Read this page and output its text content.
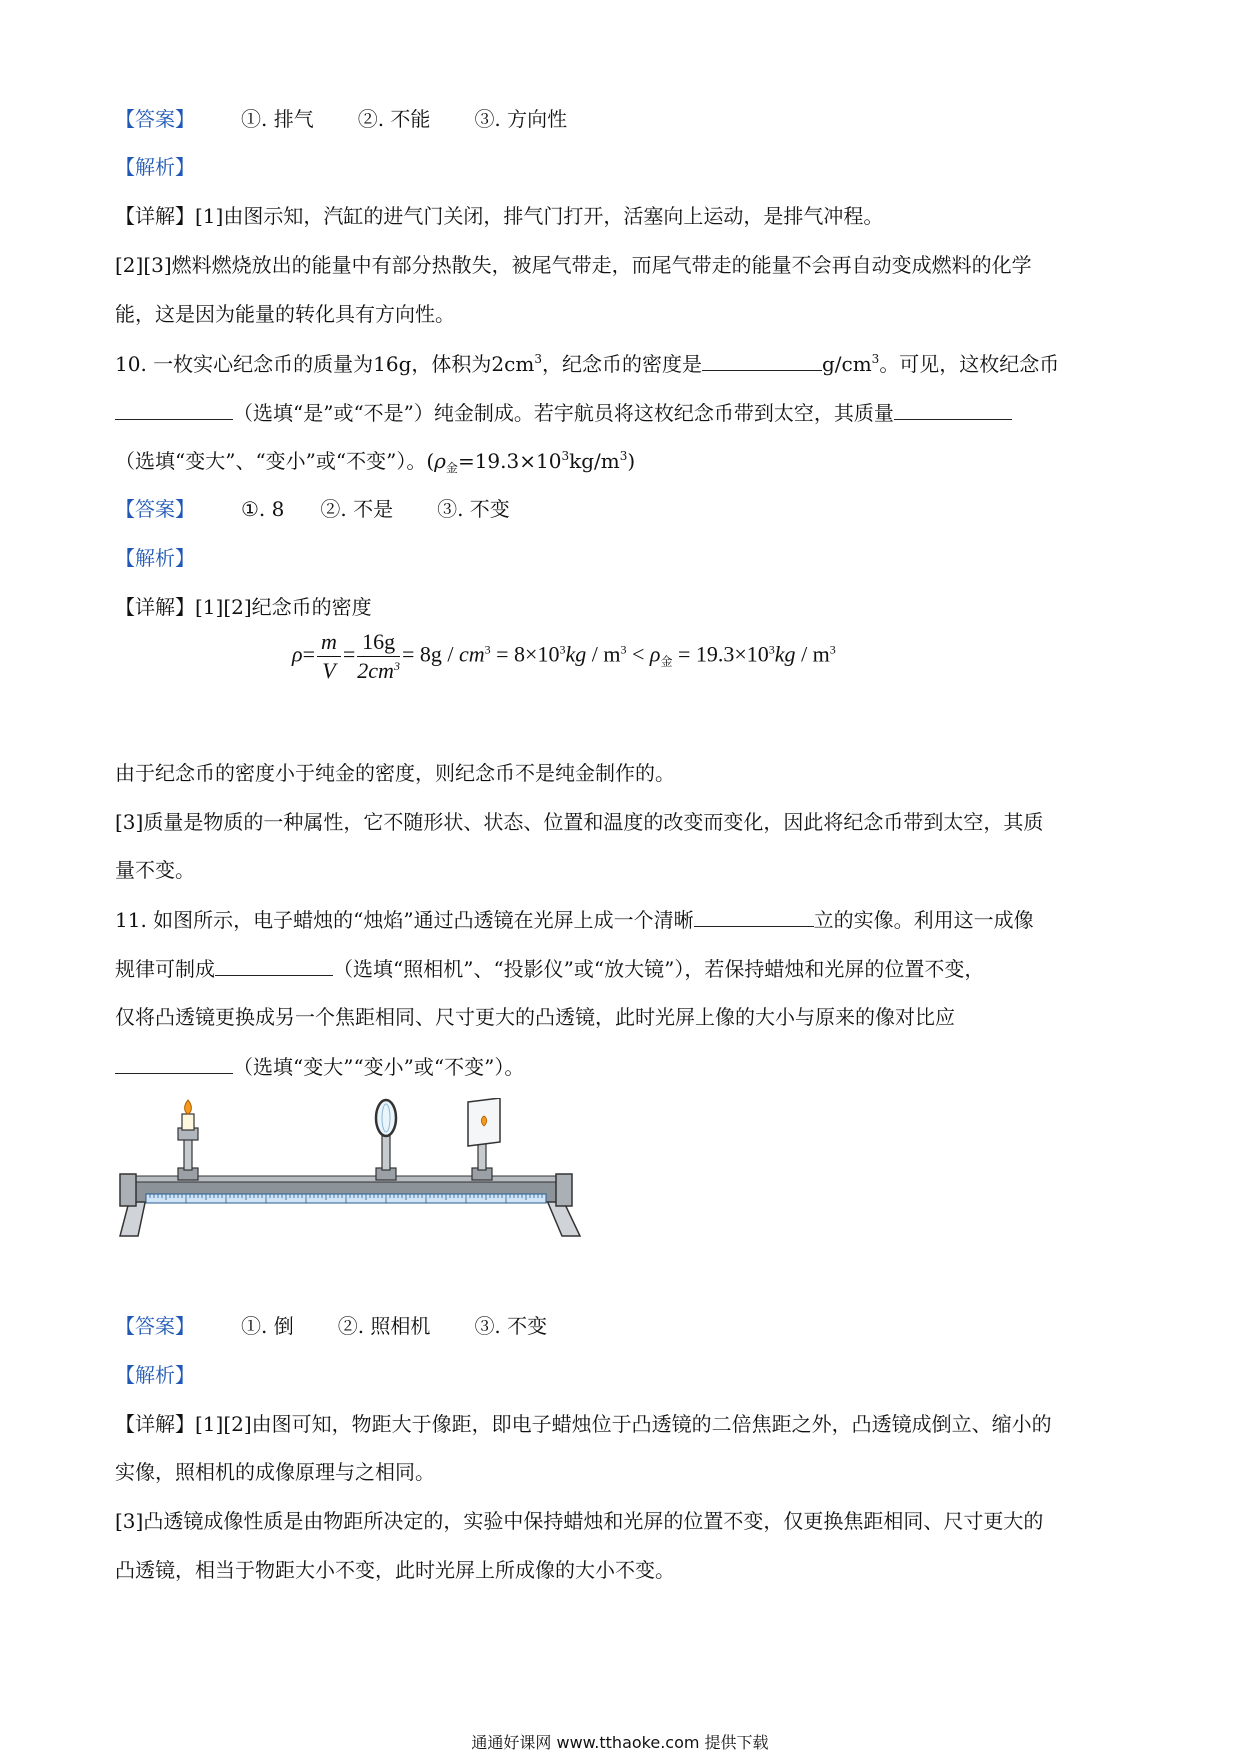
【答案】 ①. 排气 ②. 不能 ③. 方向性
【解析】
【详解】[1]由图示知，汽缸的进气门关闭，排气门打开，活塞向上运动，是排气冲程。
[2][3]燃料燃烧放出的能量中有部分热散失，被尾气带走，而尾气带走的能量不会再自动变成燃料的化学
能，这是因为能量的转化具有方向性。
10. 一枚实心纪念币的质量为16g，体积为$2cm^3$，纪念币的密度是	$g/cm^3$。可见，这枚纪念币
（选填“是”或“不是”）纯金制成。若宇航员将这枚纪念币带到太空，其质量
（选填“变大”、“变小”或“不变”）。$(\rho_金=19.3\times 10^3kg/m^3)$
【答案】 ①. 8 ②. 不是 ③. 不变
【解析】
【详解】[1][2]纪念币的密度
$\rho= \frac{m}{V} = \frac{16g}{2cm^3} = 8g / cm^3 = 8\times 10^3kg / m^3 < \rho_金 = 19.3\times 10^3kg / m^3$
由于纪念币的密度小于纯金的密度，则纪念币不是纯金制作的。
[3]质量是物质的一种属性，它不随形状、状态、位置和温度的改变而变化，因此将纪念币带到太空，其质
量不变。
11. 如图所示，电子蜡烛的“烛焰”通过凸透镜在光屏上成一个清晰	立的实像。利用这一成像
规律可制成	（选填“照相机”、“投影仪”或“放大镜”），若保持蜡烛和光屏的位置不变，
仅将凸透镜更换成另一个焦距相同、尺寸更大的凸透镜，此时光屏上像的大小与原来的像对比应
（选填“变大”“变小”或“不变”）。
【答案】 ①. 倒 ②. 照相机 ③. 不变
【解析】
【详解】[1][2]由图可知，物距大于像距，即电子蜡烛位于凸透镜的二倍焦距之外，凸透镜成倒立、缩小的
实像，照相机的成像原理与之相同。
[3]凸透镜成像性质是由物距所决定的，实验中保持蜡烛和光屏的位置不变，仅更换焦距相同、尺寸更大的
凸透镜，相当于物距大小不变，此时光屏上所成像的大小不变。
通通好课网 www.tthaoke.com 提供下载
